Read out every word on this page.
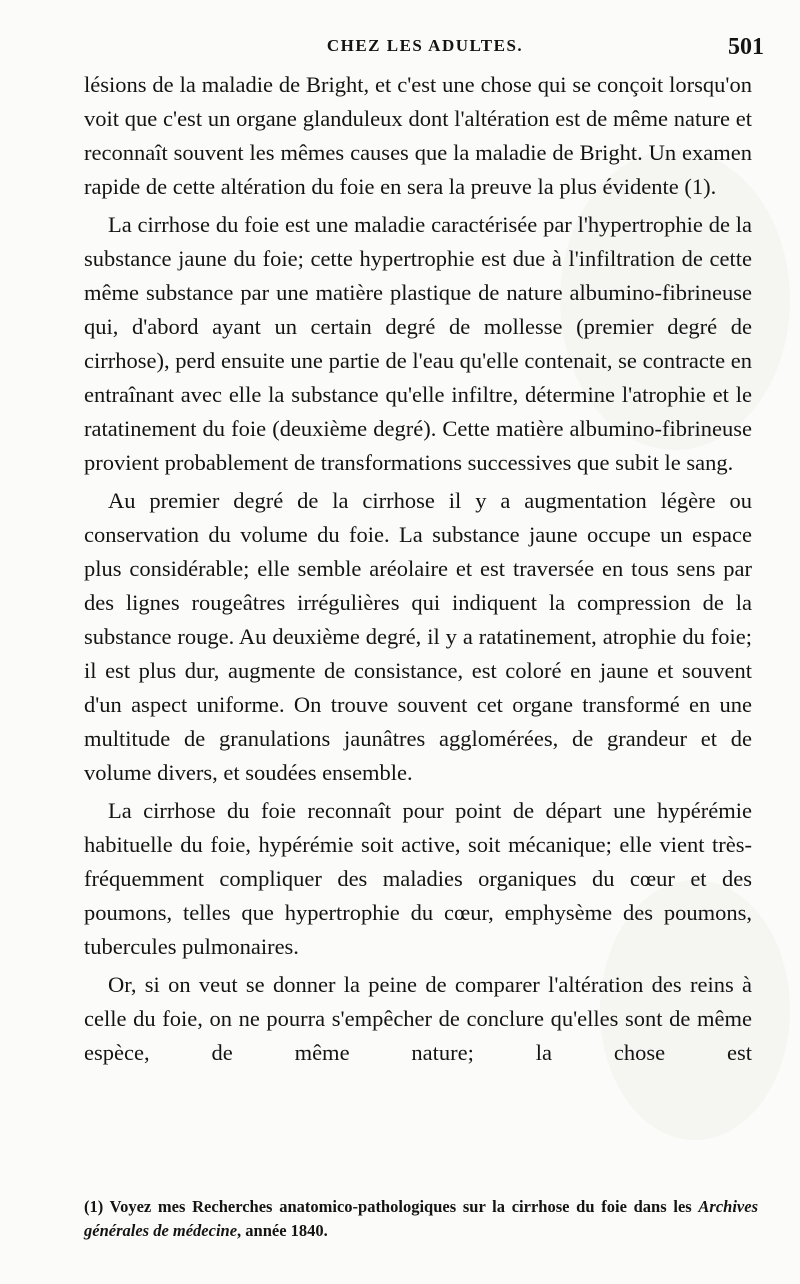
CHEZ LES ADULTES.	501

lésions de la maladie de Bright, et c'est une chose qui se conçoit lorsqu'on voit que c'est un organe glanduleux dont l'altération est de même nature et reconnaît souvent les mêmes causes que la maladie de Bright. Un examen rapide de cette altération du foie en sera la preuve la plus évidente (1).

La cirrhose du foie est une maladie caractérisée par l'hypertrophie de la substance jaune du foie; cette hypertrophie est due à l'infiltration de cette même substance par une matière plastique de nature albumino-fibrineuse qui, d'abord ayant un certain degré de mollesse (premier degré de cirrhose), perd ensuite une partie de l'eau qu'elle contenait, se contracte en entraînant avec elle la substance qu'elle infiltre, détermine l'atrophie et le ratatinement du foie (deuxième degré). Cette matière albumino-fibrineuse provient probablement de transformations successives que subit le sang.

Au premier degré de la cirrhose il y a augmentation légère ou conservation du volume du foie. La substance jaune occupe un espace plus considérable; elle semble aréolaire et est traversée en tous sens par des lignes rougeâtres irrégulières qui indiquent la compression de la substance rouge. Au deuxième degré, il y a ratatinement, atrophie du foie; il est plus dur, augmente de consistance, est coloré en jaune et souvent d'un aspect uniforme. On trouve souvent cet organe transformé en une multitude de granulations jaunâtres agglomérées, de grandeur et de volume divers, et soudées ensemble.

La cirrhose du foie reconnaît pour point de départ une hypérémie habituelle du foie, hypérémie soit active, soit mécanique; elle vient très-fréquemment compliquer des maladies organiques du cœur et des poumons, telles que hypertrophie du cœur, emphysème des poumons, tubercules pulmonaires.

Or, si on veut se donner la peine de comparer l'altération des reins à celle du foie, on ne pourra s'empêcher de conclure qu'elles sont de même espèce, de même nature; la chose est

(1) Voyez mes Recherches anatomico-pathologiques sur la cirrhose du foie dans les Archives générales de médecine, année 1840.
